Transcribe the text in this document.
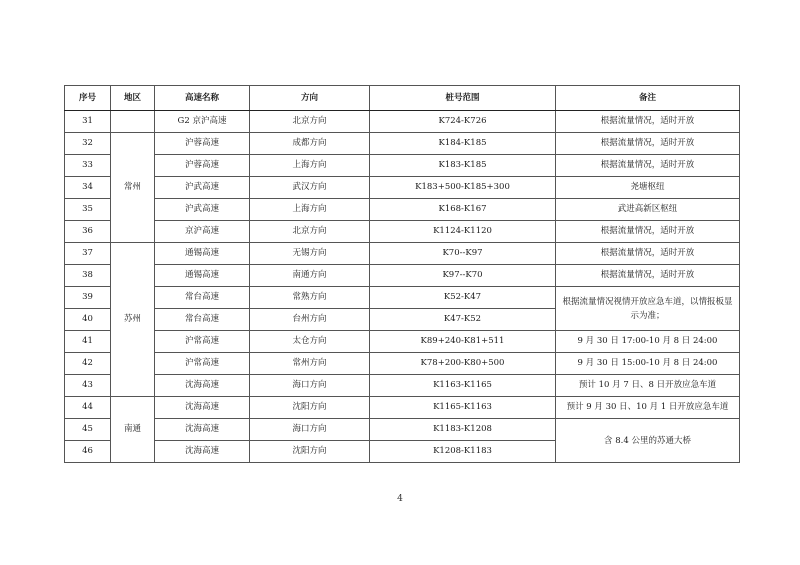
序号	地区	高速名称	方向	桩号范围	备注
31		G2 京沪高速	北京方向	K724-K726	根据流量情况，适时开放
32	常州	沪蓉高速	成都方向	K184-K185	根据流量情况，适时开放
33		沪蓉高速	上海方向	K183-K185	根据流量情况，适时开放
34		沪武高速	武汉方向	K183+500-K185+300	尧塘枢纽
35		沪武高速	上海方向	K168-K167	武进高新区枢纽
36		京沪高速	北京方向	K1124-K1120	根据流量情况，适时开放
37	苏州	通锡高速	无锡方向	K70--K97	根据流量情况，适时开放
38		通锡高速	南通方向	K97--K70	根据流量情况，适时开放
39		常台高速	常熟方向	K52-K47	根据流量情况视情开放应急车道，以情报板显示为准；
40		常台高速	台州方向	K47-K52	
41		沪常高速	太仓方向	K89+240-K81+511	9 月 30 日 17:00-10 月 8 日 24:00
42		沪常高速	常州方向	K78+200-K80+500	9 月 30 日 15:00-10 月 8 日 24:00
43		沈海高速	海口方向	K1163-K1165	预计 10 月 7 日、8 日开放应急车道
44	南通	沈海高速	沈阳方向	K1165-K1163	预计 9 月 30 日、10 月 1 日开放应急车道
45		沈海高速	海口方向	K1183-K1208	含 8.4 公里的苏通大桥
46		沈海高速	沈阳方向	K1208-K1183	
4
